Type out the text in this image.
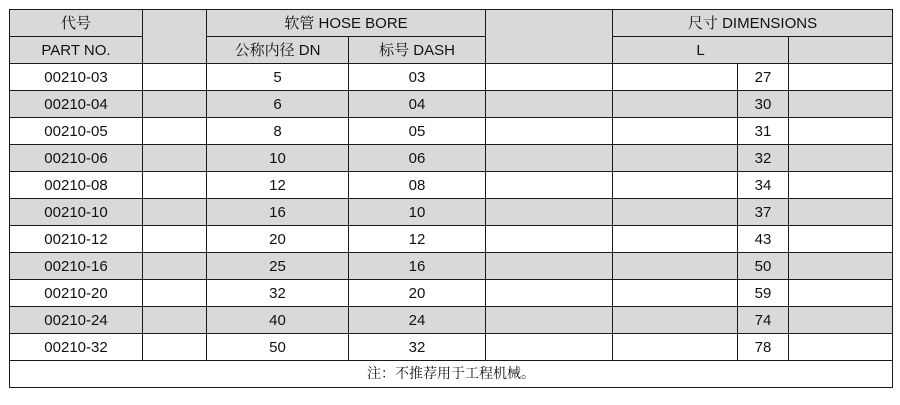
代号		软管 HOSE BORE			尺寸 DIMENSIONS		
PART NO.		公称内径 DN	标号 DASH		L		
00210-03		5	03			27	
00210-04		6	04			30	
00210-05		8	05			31	
00210-06		10	06			32	
00210-08		12	08			34	
00210-10		16	10			37	
00210-12		20	12			43	
00210-16		25	16			50	
00210-20		32	20			59	
00210-24		40	24			74	
00210-32		50	32			78	
注：不推荐用于工程机械。							
